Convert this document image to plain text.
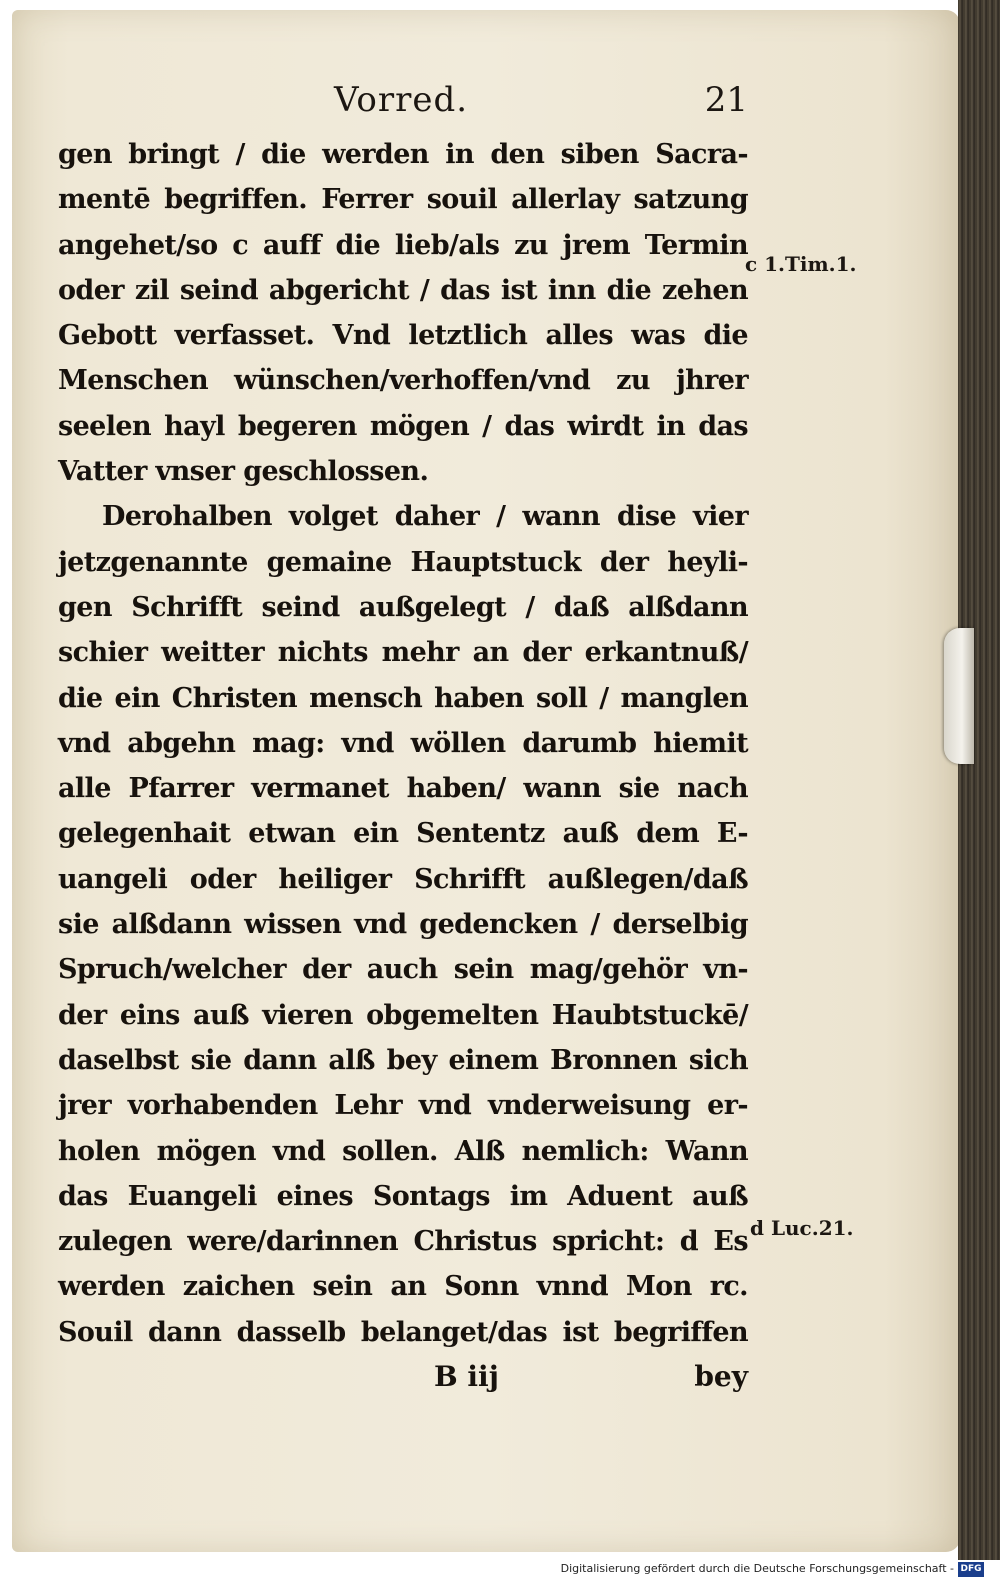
Vorred.	21
gen bringt / die werden in den siben Sacra-
mentē begriffen. Ferrer souil allerlay satzung
angehet/so c auff die lieb/als zu jrem Termin
oder zil seind abgericht / das ist inn die zehen
Gebott verfasset. Vnd letztlich alles was die
Menschen wünschen/verhoffen/vnd zu jhrer
seelen hayl begeren mögen / das wirdt in das
Vatter vnser geschlossen.
Derohalben volget daher / wann dise vier
jetzgenannte gemaine Hauptstuck der heyli-
gen Schrifft seind außgelegt / daß alßdann
schier weitter nichts mehr an der erkantnuß/
die ein Christen mensch haben soll / manglen
vnd abgehn mag: vnd wöllen darumb hiemit
alle Pfarrer vermanet haben/ wann sie nach
gelegenhait etwan ein Sententz auß dem E-
uangeli oder heiliger Schrifft außlegen/daß
sie alßdann wissen vnd gedencken / derselbig
Spruch/welcher der auch sein mag/gehör vn-
der eins auß vieren obgemelten Haubtstuckē/
daselbst sie dann alß bey einem Bronnen sich
jrer vorhabenden Lehr vnd vnderweisung er-
holen mögen vnd sollen. Alß nemlich: Wann
das Euangeli eines Sontags im Aduent auß
zulegen were/darinnen Christus spricht: d Es
werden zaichen sein an Sonn vnnd Mon rc.
Souil dann dasselb belanget/das ist begriffen
c 1.Tim.1.
d Luc.21.
B iij	bey
Digitalisierung gefördert durch die Deutsche Forschungsgemeinschaft - DFG
